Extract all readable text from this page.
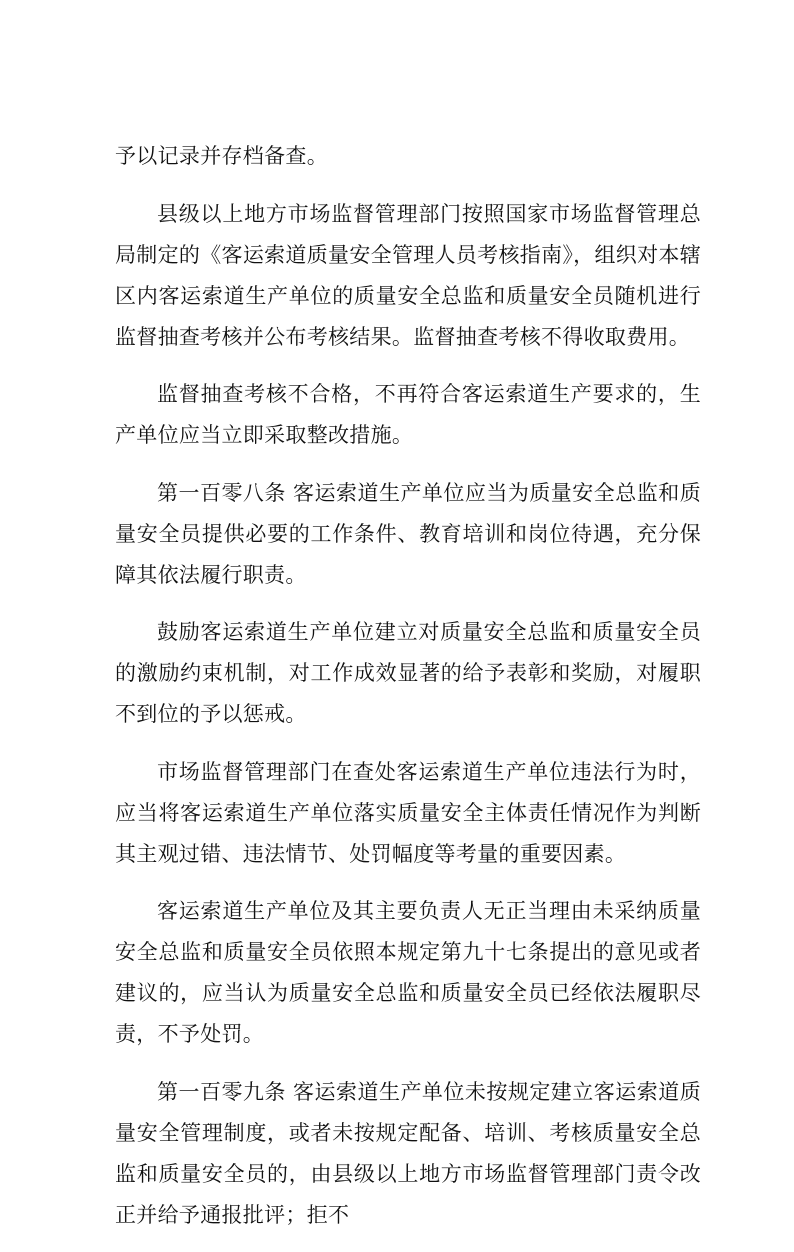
予以记录并存档备查。

县级以上地方市场监督管理部门按照国家市场监督管理总局制定的《客运索道质量安全管理人员考核指南》，组织对本辖区内客运索道生产单位的质量安全总监和质量安全员随机进行监督抽查考核并公布考核结果。监督抽查考核不得收取费用。

监督抽查考核不合格，不再符合客运索道生产要求的，生产单位应当立即采取整改措施。

第一百零八条 客运索道生产单位应当为质量安全总监和质量安全员提供必要的工作条件、教育培训和岗位待遇，充分保障其依法履行职责。

鼓励客运索道生产单位建立对质量安全总监和质量安全员的激励约束机制，对工作成效显著的给予表彰和奖励，对履职不到位的予以惩戒。

市场监督管理部门在查处客运索道生产单位违法行为时，应当将客运索道生产单位落实质量安全主体责任情况作为判断其主观过错、违法情节、处罚幅度等考量的重要因素。

客运索道生产单位及其主要负责人无正当理由未采纳质量安全总监和质量安全员依照本规定第九十七条提出的意见或者建议的，应当认为质量安全总监和质量安全员已经依法履职尽责，不予处罚。

第一百零九条 客运索道生产单位未按规定建立客运索道质量安全管理制度，或者未按规定配备、培训、考核质量安全总监和质量安全员的，由县级以上地方市场监督管理部门责令改正并给予通报批评；拒不
